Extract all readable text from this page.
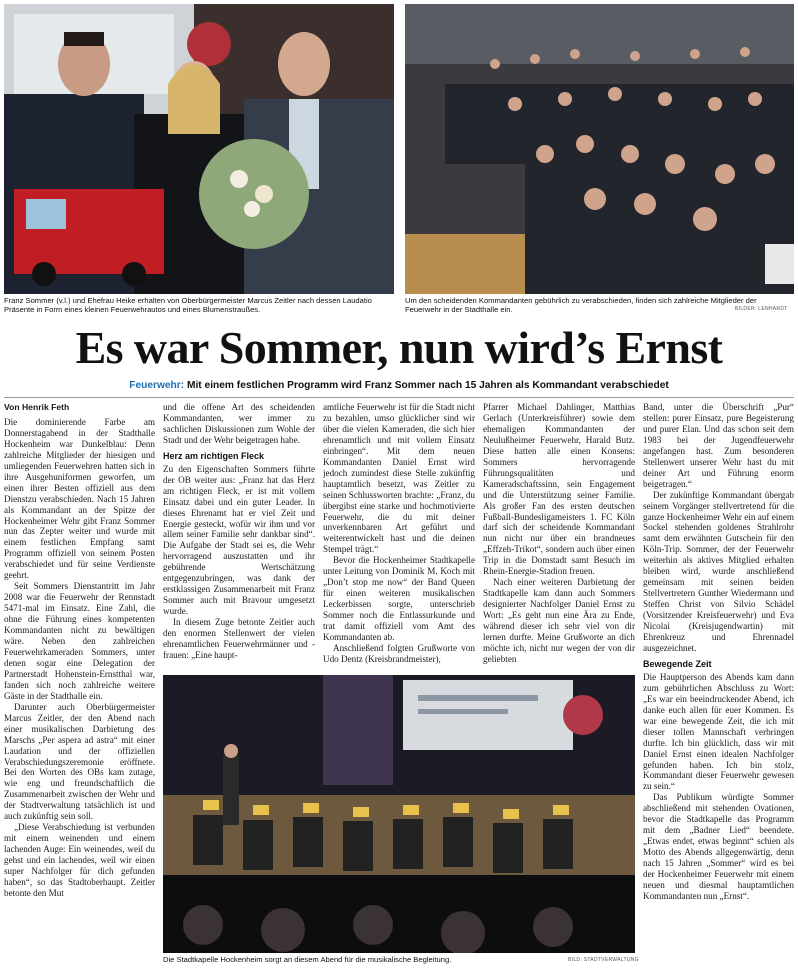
Franz Sommer (v.l.) und Ehefrau Heike erhalten von Oberbürgermeister Marcus Zeitler nach dessen Laudatio Präsente in Form eines kleinen Feuerwehrautos und eines Blumenstraußes.
Um den scheidenden Kommandanten gebührlich zu verabschieden, finden sich zahlreiche Mitglieder der Feuerwehr in der Stadthalle ein.	BILDER: LENHARDT
Es war Sommer, nun wird’s Ernst
Feuerwehr: Mit einem festlichen Programm wird Franz Sommer nach 15 Jahren als Kommandant verabschiedet
Von Henrik Feth

Die dominierende Farbe am Donnerstagabend in der Stadthalle Hockenheim war Dunkelblau: Denn zahlreiche Mitglieder der hiesigen und umliegenden Feuerwehren hatten sich in ihre Ausgehuniformen geworfen, um einen ihrer Besten offiziell aus dem Dienstzu verabschieden. Nach 15 Jahren als Kommandant an der Spitze der Hockenheimer Wehr gibt Franz Sommer nun das Zepter weiter und wurde mit einem festlichen Empfang samt Programm offiziell von seinem Posten verabschiedet und für seine Verdienste geehrt.

Seit Sommers Dienstantritt im Jahr 2008 war die Feuerwehr der Rennstadt 5471-mal im Einsatz. Eine Zahl, die ohne die Führung eines kompetenten Kommandanten nicht zu bewältigen wäre. Neben den zahlreichen Feuerwehrkameraden Sommers, unter denen sogar eine Delegation der Partnerstadt Hohenstein-Ernstthal war, fanden sich noch zahlreiche weitere Gäste in der Stadthalle ein.

Darunter auch Oberbürgermeister Marcus Zeitler, der den Abend nach einer musikalischen Darbietung des Marschs „Per aspera ad astra“ mit einer Laudation und der offiziellen Verabschiedungszeremonie eröffnete. Bei den Worten des OBs kam zutage, wie eng und freundschaftlich die Zusammenarbeit zwischen der Wehr und der Stadtverwaltung tatsächlich ist und auch zukünftig sein soll.

„Diese Verabschiedung ist verbunden mit einem weinenden und einem lachenden Auge: Ein weinendes, weil du gehst und ein lachendes, weil wir einen super Nachfolger für dich gefunden haben“, so das Stadtoberhaupt. Zeitler betonte den Mut

und die offene Art des scheidenden Kommandanten, wer immer zu sachlichen Diskussionen zum Wohle der Stadt und der Wehr beigetragen habe.

Herz am richtigen Fleck

Zu den Eigenschaften Sommers führte der OB weiter aus: „Franz hat das Herz am richtigen Fleck, er ist mit vollem Einsatz dabei und ein guter Leader. In dieses Ehrenamt hat er viel Zeit und Energie gesteckt, wofür wir ihm und vor allem seiner Familie sehr dankbar sind“. Die Aufgabe der Stadt sei es, die Wehr hervorragend auszustatten und ihr gebührende Wertschätzung entgegenzubringen, was dank der erstklassigen Zusammenarbeit mit Franz Sommer auch mit Bravour umgesetzt wurde.

In diesem Zuge betonte Zeitler auch den enormen Stellenwert der vielen ehrenamtlichen Feuerwehrmänner und -frauen: „Eine haupt-

amtliche Feuerwehr ist für die Stadt nicht zu bezahlen, umso glücklicher sind wir über die vielen Kameraden, die sich hier ehrenamtlich und mit vollem Einsatz einbringen“. Mit dem neuen Kommandanten Daniel Ernst wird jedoch zumindest diese Stelle zukünftig hauptamtlich besetzt, was Zeitler zu seinen Schlussworten brachte: „Franz, du übergibst eine starke und hochmotivierte Feuerwehr, die du mit deiner unverkennbaren Art geführt und weiterentwickelt hast und die deinen Stempel trägt.“

Bevor die Hockenheimer Stadtkapelle unter Leitung von Dominik M. Koch mit „Don’t stop me now“ der Band Queen für einen weiteren musikalischen Leckerbissen sorgte, unterschrieb Sommer noch die Entlassurkunde und trat damit offiziell vom Amt des Kommandanten ab.

Anschließend folgten Grußworte von Udo Dentz (Kreisbrandmeister),

Pfarrer Michael Dahlinger, Matthias Gerlach (Unterkreisführer) sowie dem ehemaligen Kommandanten der Neulußheimer Feuerwehr, Harald Butz. Diese hatten alle einen Konsens: Sommers hervorragende Führungsqualitäten und Kameradschaftssinn, sein Engagement und die Unterstützung seiner Familie. Als großer Fan des ersten deutschen Fußball-Bundesligameisters 1. FC Köln darf sich der scheidende Kommandant nun nicht nur über ein brandneues „Effzeh-Trikot“, sondern auch über einen Trip in die Domstadt samt Besuch im Rhein-Energie-Stadion freuen.

Nach einer weiteren Darbietung der Stadtkapelle kam dann auch Sommers designierter Nachfolger Daniel Ernst zu Wort: „Es geht nun eine Ära zu Ende, während dieser ich sehr viel von dir lernen durfte. Meine Grußworte an dich möchte ich, nicht nur wegen der von dir geliebten

Band, unter die Überschrift „Pur“ stellen: purer Einsatz, pure Begeisterung und purer Elan. Und das schon seit dem 1983 bei der Jugendfeuerwehr angefangen hast. Zum besonderen Stellenwert unserer Wehr hast du mit deiner Art und Führung enorm beigetragen.“

Der zukünftige Kommandant übergab seinem Vorgänger stellvertretend für die ganze Hockenheimer Wehr ein auf einem Sockel stehenden goldenes Strahlrohr samt dem erwähnten Gutschein für den Köln-Trip. Sommer, der der Feuerwehr weiterhin als aktives Mitglied erhalten bleiben wird, wurde anschließend gemeinsam mit seinen beiden Stellvertretern Gunther Wiedermann und Steffen Christ von Silvio Schädel (Vorsitzender Kreisfeuerwehr) und Eva Nicolai (Kreisjugendwartin) mit Ehrenkreuz und Ehrennadel ausgezeichnet.

Bewegende Zeit

Die Hauptperson des Abends kam dann zum gebührlichen Abschluss zu Wort: „Es war ein beeindruckender Abend, ich danke euch allen für euer Kommen. Es war eine bewegende Zeit, die ich mit dieser tollen Mannschaft verbringen durfte. Ich bin glücklich, dass wir mit Daniel Ernst einen idealen Nachfolger gefunden haben. Ich bin stolz, Kommandant dieser Feuerwehr gewesen zu sein.“

Das Publikum würdigte Sommer abschließend mit stehenden Ovationen, bevor die Stadtkapelle das Programm mit dem „Badner Lied“ beendete. „Etwas endet, etwas beginnt“ schien als Motto des Abends allgegenwärtig, denn nach 15 Jahren „Sommer“ wird es bei der Hockenheimer Feuerwehr mit einem neuen und diesmal hauptamtlichen Kommandanten nun „Ernst“.

Die Stadtkapelle Hockenheim sorgt an diesem Abend für die musikalische Begleitung.	BILD: STADTVERWALTUNG
